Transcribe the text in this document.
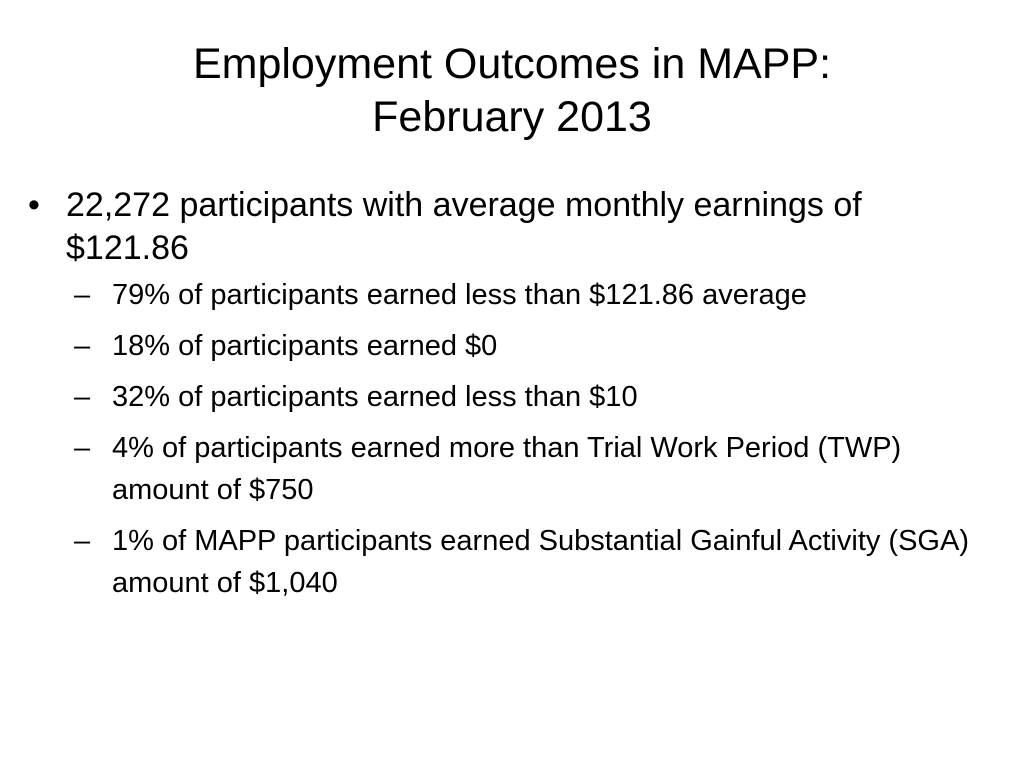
Employment Outcomes in MAPP:
February 2013
• 22,272 participants with average monthly earnings of $121.86
– 79% of participants earned less than $121.86 average
– 18% of participants earned $0
– 32% of participants earned less than $10
– 4% of participants earned more than Trial Work Period (TWP) amount of $750
– 1% of MAPP participants earned Substantial Gainful Activity (SGA) amount of $1,040
